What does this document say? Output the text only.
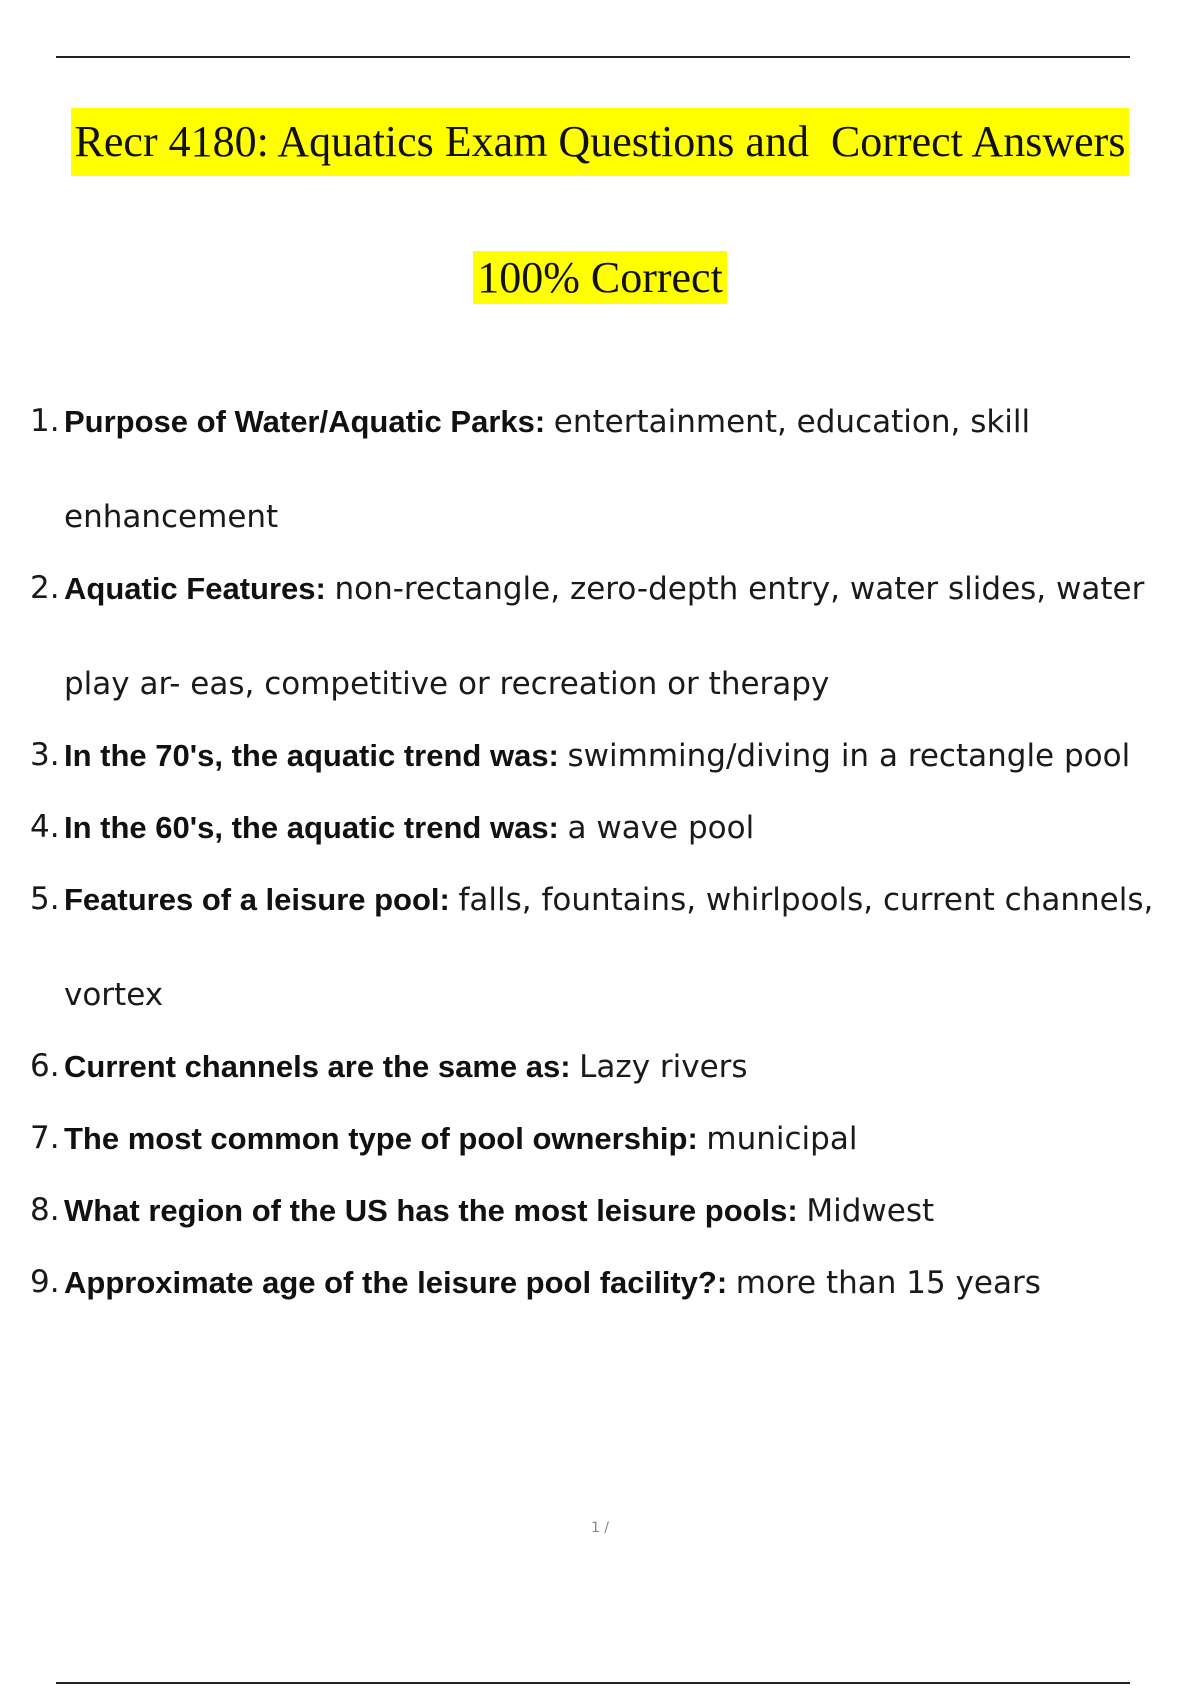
Recr 4180: Aquatics Exam Questions and  Correct Answers
100% Correct
1. Purpose of Water/Aquatic Parks: entertainment, education, skill enhancement
2. Aquatic Features: non-rectangle, zero-depth entry, water slides, water play ar- eas, competitive or recreation or therapy
3. In the 70's, the aquatic trend was: swimming/diving in a rectangle pool
4. In the 60's, the aquatic trend was: a wave pool
5. Features of a leisure pool: falls, fountains, whirlpools, current channels, vortex
6. Current channels are the same as: Lazy rivers
7. The most common type of pool ownership: municipal
8. What region of the US has the most leisure pools: Midwest
9. Approximate age of the leisure pool facility?: more than 15 years
1 /
